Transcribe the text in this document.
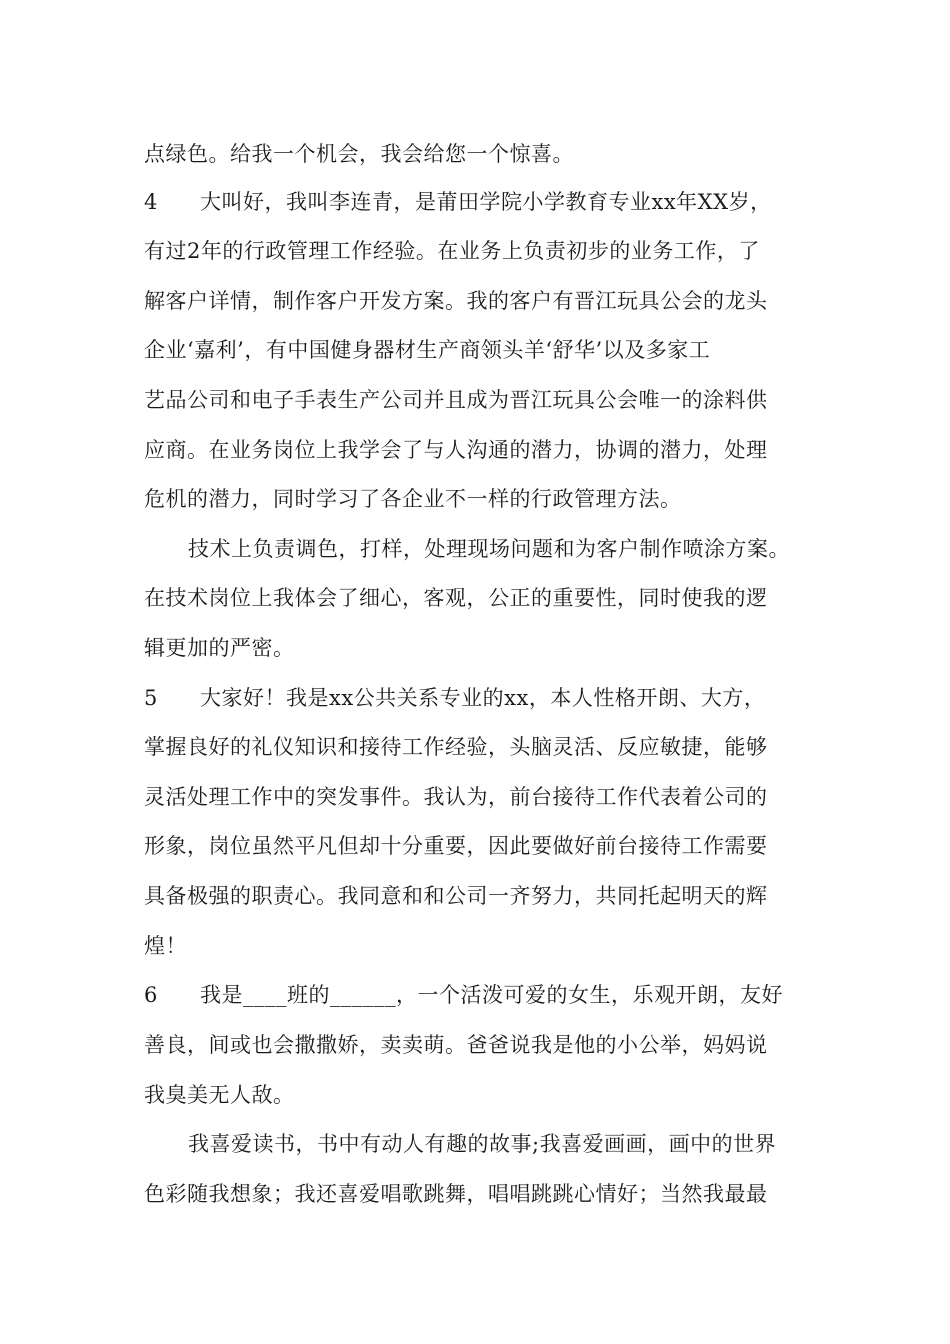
点绿色。给我一个机会，我会给您一个惊喜。
4 大叫好，我叫李连青，是莆田学院小学教育专业xx年XX岁，
有过2年的行政管理工作经验。在业务上负责初步的业务工作，了
解客户详情，制作客户开发方案。我的客户有晋江玩具公会的龙头
企业‘嘉利’，有中国健身器材生产商领头羊‘舒华’以及多家工
艺品公司和电子手表生产公司并且成为晋江玩具公会唯一的涂料供
应商。在业务岗位上我学会了与人沟通的潜力，协调的潜力，处理
危机的潜力，同时学习了各企业不一样的行政管理方法。
技术上负责调色，打样，处理现场问题和为客户制作喷涂方案。
在技术岗位上我体会了细心，客观，公正的重要性，同时使我的逻
辑更加的严密。
5 大家好！我是xx公共关系专业的xx，本人性格开朗、大方，
掌握良好的礼仪知识和接待工作经验，头脑灵活、反应敏捷，能够
灵活处理工作中的突发事件。我认为，前台接待工作代表着公司的
形象，岗位虽然平凡但却十分重要，因此要做好前台接待工作需要
具备极强的职责心。我同意和和公司一齐努力，共同托起明天的辉
煌！
6 我是____班的______，一个活泼可爱的女生，乐观开朗，友好
善良，间或也会撒撒娇，卖卖萌。爸爸说我是他的小公举，妈妈说
我臭美无人敌。
我喜爱读书，书中有动人有趣的故事;我喜爱画画，画中的世界
色彩随我想象；我还喜爱唱歌跳舞，唱唱跳跳心情好；当然我最最
